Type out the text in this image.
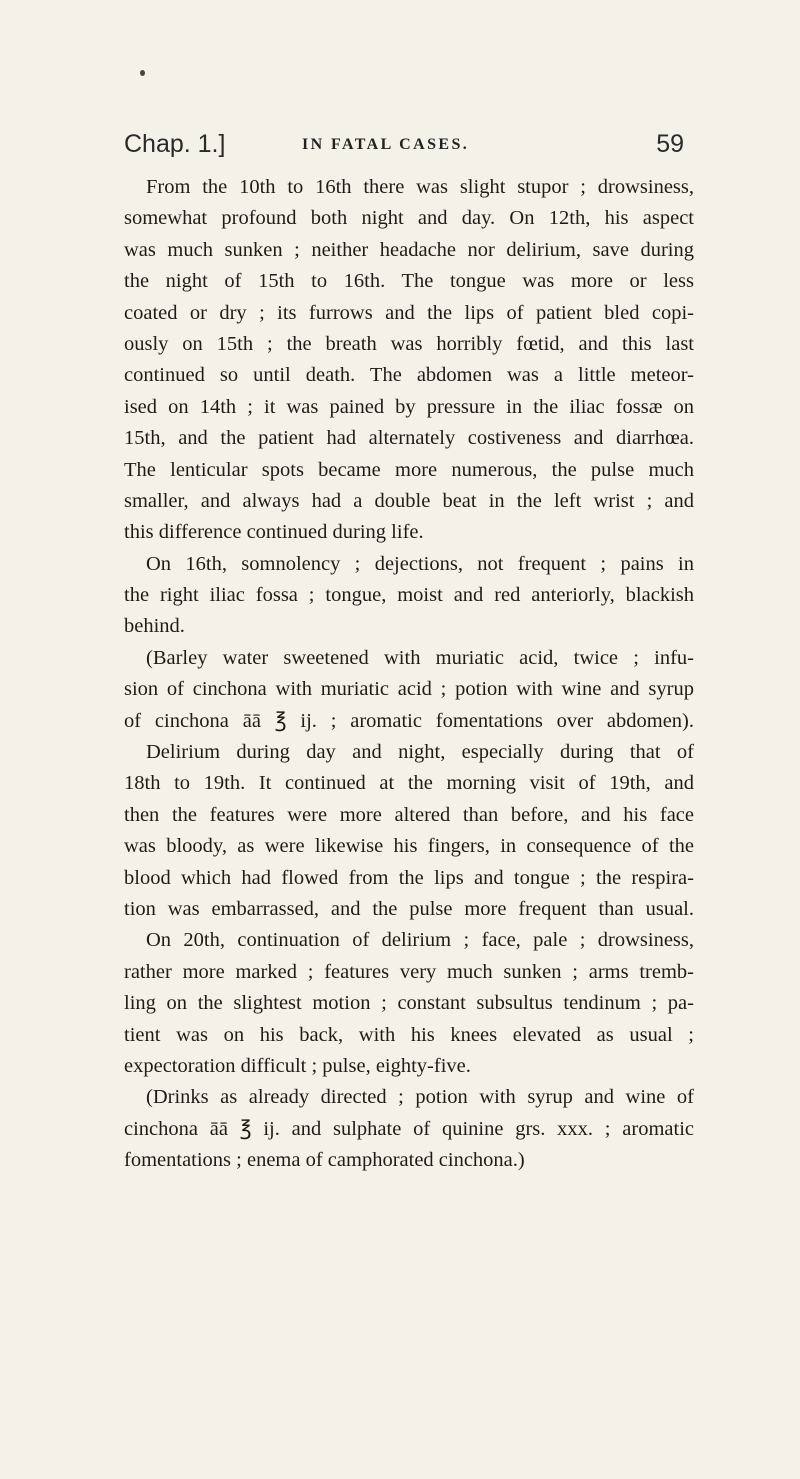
Chap. 1.]	IN FATAL CASES.	59
From the 10th to 16th there was slight stupor ; drowsiness,
somewhat profound both night and day. On 12th, his aspect
was much sunken ; neither headache nor delirium, save during
the night of 15th to 16th. The tongue was more or less
coated or dry ; its furrows and the lips of patient bled copi-
ously on 15th ; the breath was horribly fœtid, and this last
continued so until death. The abdomen was a little meteor-
ised on 14th ; it was pained by pressure in the iliac fossæ on
15th, and the patient had alternately costiveness and diarrhœa.
The lenticular spots became more numerous, the pulse much
smaller, and always had a double beat in the left wrist ; and
this difference continued during life.
On 16th, somnolency ; dejections, not frequent ; pains in
the right iliac fossa ; tongue, moist and red anteriorly, blackish
behind.
(Barley water sweetened with muriatic acid, twice ; infu-
sion of cinchona with muriatic acid ; potion with wine and syrup
of cinchona āā ℥ ij. ; aromatic fomentations over abdomen).
Delirium during day and night, especially during that of
18th to 19th. It continued at the morning visit of 19th, and
then the features were more altered than before, and his face
was bloody, as were likewise his fingers, in consequence of the
blood which had flowed from the lips and tongue ; the respira-
tion was embarrassed, and the pulse more frequent than usual.
On 20th, continuation of delirium ; face, pale ; drowsiness,
rather more marked ; features very much sunken ; arms tremb-
ling on the slightest motion ; constant subsultus tendinum ; pa-
tient was on his back, with his knees elevated as usual ;
expectoration difficult ; pulse, eighty-five.
(Drinks as already directed ; potion with syrup and wine of
cinchona āā ℥ ij. and sulphate of quinine grs. xxx. ; aromatic
fomentations ; enema of camphorated cinchona.)
